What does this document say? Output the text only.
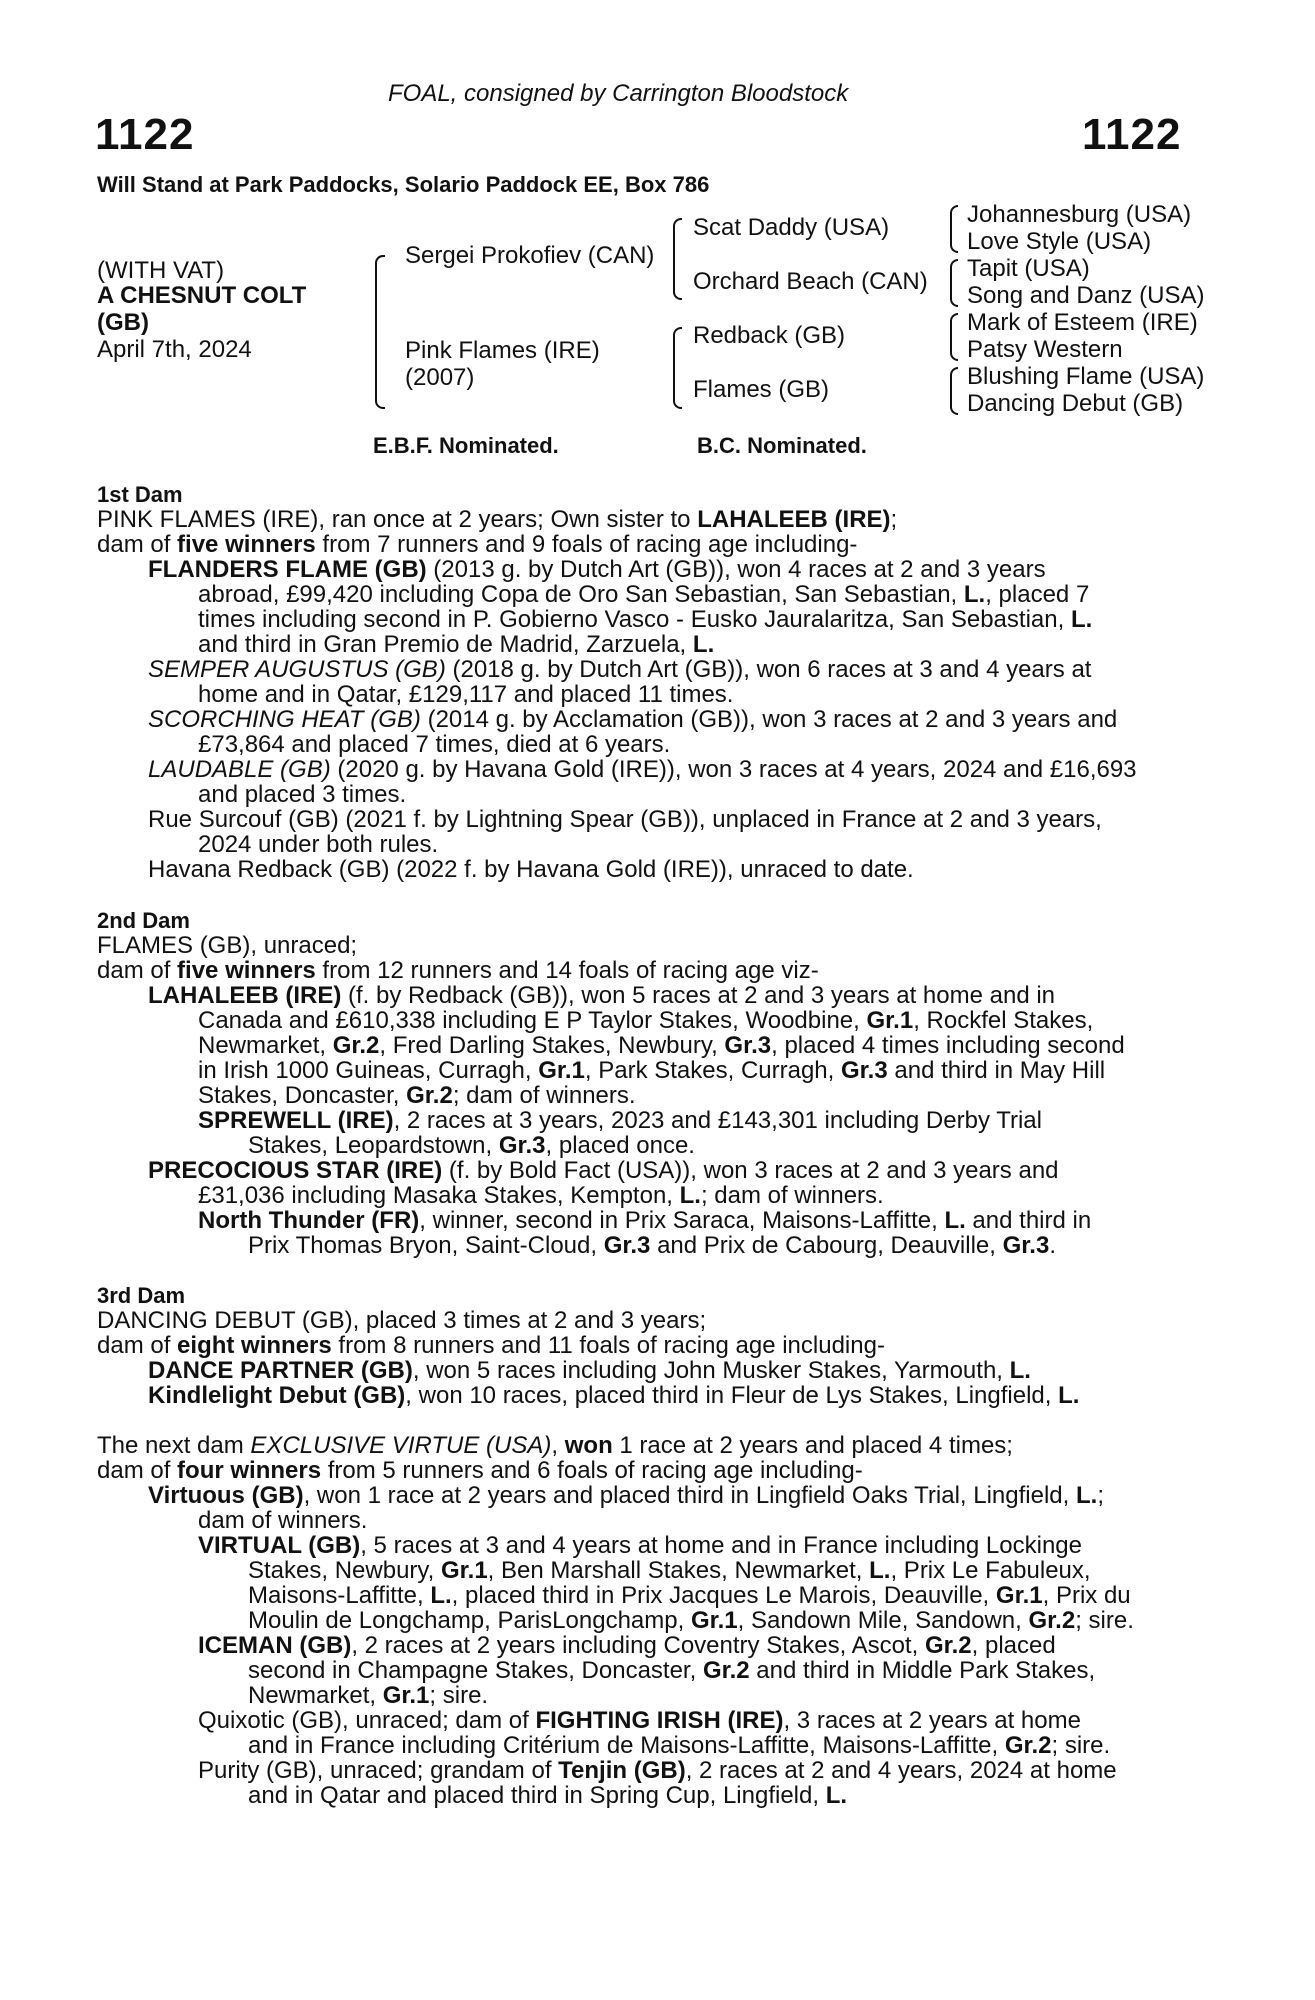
FOAL, consigned by Carrington Bloodstock
1122	1122
Will Stand at Park Paddocks, Solario Paddock EE, Box 786
(WITH VAT)
A CHESNUT COLT
(GB)
April 7th, 2024
Sergei Prokofiev (CAN)
Pink Flames (IRE)
(2007)
Scat Daddy (USA)
Orchard Beach (CAN)
Redback (GB)
Flames (GB)
Johannesburg (USA)
Love Style (USA)
Tapit (USA)
Song and Danz (USA)
Mark of Esteem (IRE)
Patsy Western
Blushing Flame (USA)
Dancing Debut (GB)
E.B.F. Nominated.	B.C. Nominated.
1st Dam
PINK FLAMES (IRE), ran once at 2 years; Own sister to LAHALEEB (IRE);
dam of five winners from 7 runners and 9 foals of racing age including-
FLANDERS FLAME (GB) (2013 g. by Dutch Art (GB)), won 4 races at 2 and 3 years
abroad, £99,420 including Copa de Oro San Sebastian, San Sebastian, L., placed 7
times including second in P. Gobierno Vasco - Eusko Jauralaritza, San Sebastian, L.
and third in Gran Premio de Madrid, Zarzuela, L.
SEMPER AUGUSTUS (GB) (2018 g. by Dutch Art (GB)), won 6 races at 3 and 4 years at
home and in Qatar, £129,117 and placed 11 times.
SCORCHING HEAT (GB) (2014 g. by Acclamation (GB)), won 3 races at 2 and 3 years and
£73,864 and placed 7 times, died at 6 years.
LAUDABLE (GB) (2020 g. by Havana Gold (IRE)), won 3 races at 4 years, 2024 and £16,693
and placed 3 times.
Rue Surcouf (GB) (2021 f. by Lightning Spear (GB)), unplaced in France at 2 and 3 years,
2024 under both rules.
Havana Redback (GB) (2022 f. by Havana Gold (IRE)), unraced to date.
2nd Dam
FLAMES (GB), unraced;
dam of five winners from 12 runners and 14 foals of racing age viz-
LAHALEEB (IRE) (f. by Redback (GB)), won 5 races at 2 and 3 years at home and in
Canada and £610,338 including E P Taylor Stakes, Woodbine, Gr.1, Rockfel Stakes,
Newmarket, Gr.2, Fred Darling Stakes, Newbury, Gr.3, placed 4 times including second
in Irish 1000 Guineas, Curragh, Gr.1, Park Stakes, Curragh, Gr.3 and third in May Hill
Stakes, Doncaster, Gr.2; dam of winners.
SPREWELL (IRE), 2 races at 3 years, 2023 and £143,301 including Derby Trial
Stakes, Leopardstown, Gr.3, placed once.
PRECOCIOUS STAR (IRE) (f. by Bold Fact (USA)), won 3 races at 2 and 3 years and
£31,036 including Masaka Stakes, Kempton, L.; dam of winners.
North Thunder (FR), winner, second in Prix Saraca, Maisons-Laffitte, L. and third in
Prix Thomas Bryon, Saint-Cloud, Gr.3 and Prix de Cabourg, Deauville, Gr.3.
3rd Dam
DANCING DEBUT (GB), placed 3 times at 2 and 3 years;
dam of eight winners from 8 runners and 11 foals of racing age including-
DANCE PARTNER (GB), won 5 races including John Musker Stakes, Yarmouth, L.
Kindlelight Debut (GB), won 10 races, placed third in Fleur de Lys Stakes, Lingfield, L.
The next dam EXCLUSIVE VIRTUE (USA), won 1 race at 2 years and placed 4 times;
dam of four winners from 5 runners and 6 foals of racing age including-
Virtuous (GB), won 1 race at 2 years and placed third in Lingfield Oaks Trial, Lingfield, L.;
dam of winners.
VIRTUAL (GB), 5 races at 3 and 4 years at home and in France including Lockinge
Stakes, Newbury, Gr.1, Ben Marshall Stakes, Newmarket, L., Prix Le Fabuleux,
Maisons-Laffitte, L., placed third in Prix Jacques Le Marois, Deauville, Gr.1, Prix du
Moulin de Longchamp, ParisLongchamp, Gr.1, Sandown Mile, Sandown, Gr.2; sire.
ICEMAN (GB), 2 races at 2 years including Coventry Stakes, Ascot, Gr.2, placed
second in Champagne Stakes, Doncaster, Gr.2 and third in Middle Park Stakes,
Newmarket, Gr.1; sire.
Quixotic (GB), unraced; dam of FIGHTING IRISH (IRE), 3 races at 2 years at home
and in France including Critérium de Maisons-Laffitte, Maisons-Laffitte, Gr.2; sire.
Purity (GB), unraced; grandam of Tenjin (GB), 2 races at 2 and 4 years, 2024 at home
and in Qatar and placed third in Spring Cup, Lingfield, L.
